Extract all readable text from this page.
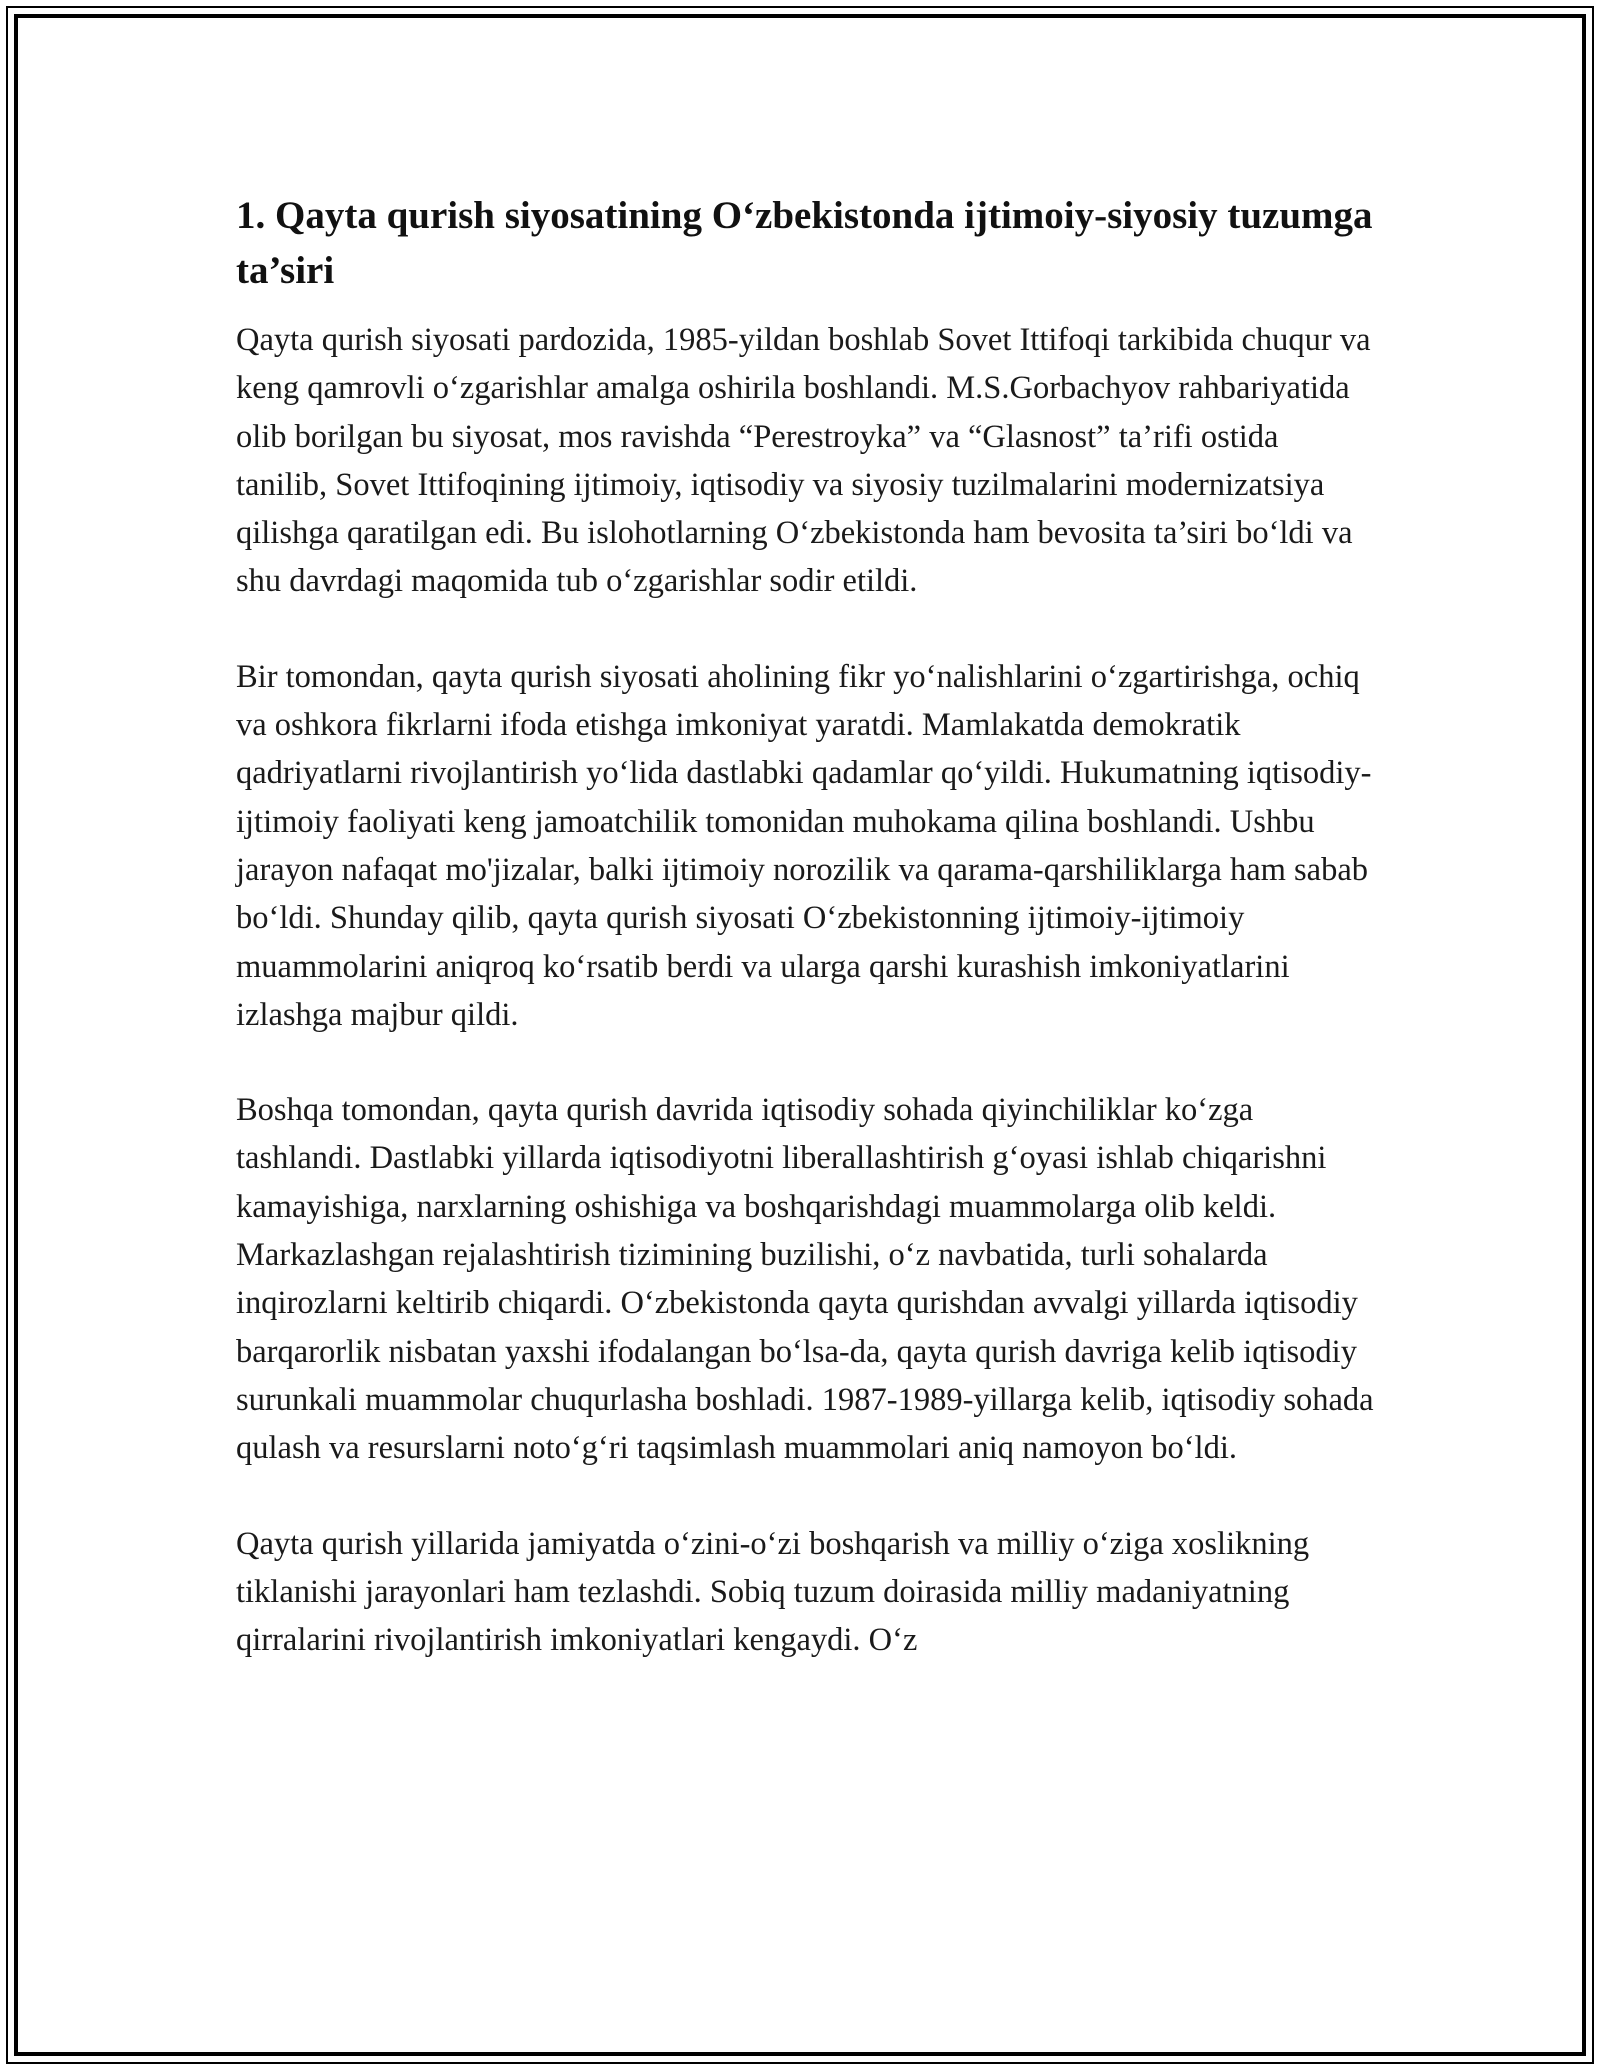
1. Qayta qurish siyosatining O‘zbekistonda ijtimoiy-siyosiy tuzumga ta’siri

Qayta qurish siyosati pardozida, 1985-yildan boshlab Sovet Ittifoqi tarkibida chuqur va keng qamrovli o‘zgarishlar amalga oshirila boshlandi. M.S.Gorbachyov rahbariyatida olib borilgan bu siyosat, mos ravishda “Perestroyka” va “Glasnost” ta’rifi ostida tanilib, Sovet Ittifoqining ijtimoiy, iqtisodiy va siyosiy tuzilmalarini modernizatsiya qilishga qaratilgan edi. Bu islohotlarning O‘zbekistonda ham bevosita ta’siri bo‘ldi va shu davrdagi maqomida tub o‘zgarishlar sodir etildi.

Bir tomondan, qayta qurish siyosati aholining fikr yo‘nalishlarini o‘zgartirishga, ochiq va oshkora fikrlarni ifoda etishga imkoniyat yaratdi. Mamlakatda demokratik qadriyatlarni rivojlantirish yo‘lida dastlabki qadamlar qo‘yildi. Hukumatning iqtisodiy-ijtimoiy faoliyati keng jamoatchilik tomonidan muhokama qilina boshlandi. Ushbu jarayon nafaqat mo'jizalar, balki ijtimoiy norozilik va qarama-qarshiliklarga ham sabab bo‘ldi. Shunday qilib, qayta qurish siyosati O‘zbekistonning ijtimoiy-ijtimoiy muammolarini aniqroq ko‘rsatib berdi va ularga qarshi kurashish imkoniyatlarini izlashga majbur qildi.

Boshqa tomondan, qayta qurish davrida iqtisodiy sohada qiyinchiliklar ko‘zga tashlandi. Dastlabki yillarda iqtisodiyotni liberallashtirish g‘oyasi ishlab chiqarishni kamayishiga, narxlarning oshishiga va boshqarishdagi muammolarga olib keldi. Markazlashgan rejalashtirish tizimining buzilishi, o‘z navbatida, turli sohalarda inqirozlarni keltirib chiqardi. O‘zbekistonda qayta qurishdan avvalgi yillarda iqtisodiy barqarorlik nisbatan yaxshi ifodalangan bo‘lsa-da, qayta qurish davriga kelib iqtisodiy surunkali muammolar chuqurlasha boshladi. 1987-1989-yillarga kelib, iqtisodiy sohada qulash va resurslarni noto‘g‘ri taqsimlash muammolari aniq namoyon bo‘ldi.

Qayta qurish yillarida jamiyatda o‘zini-o‘zi boshqarish va milliy o‘ziga xoslikning tiklanishi jarayonlari ham tezlashdi. Sobiq tuzum doirasida milliy madaniyatning qirralarini rivojlantirish imkoniyatlari kengaydi. O‘z
